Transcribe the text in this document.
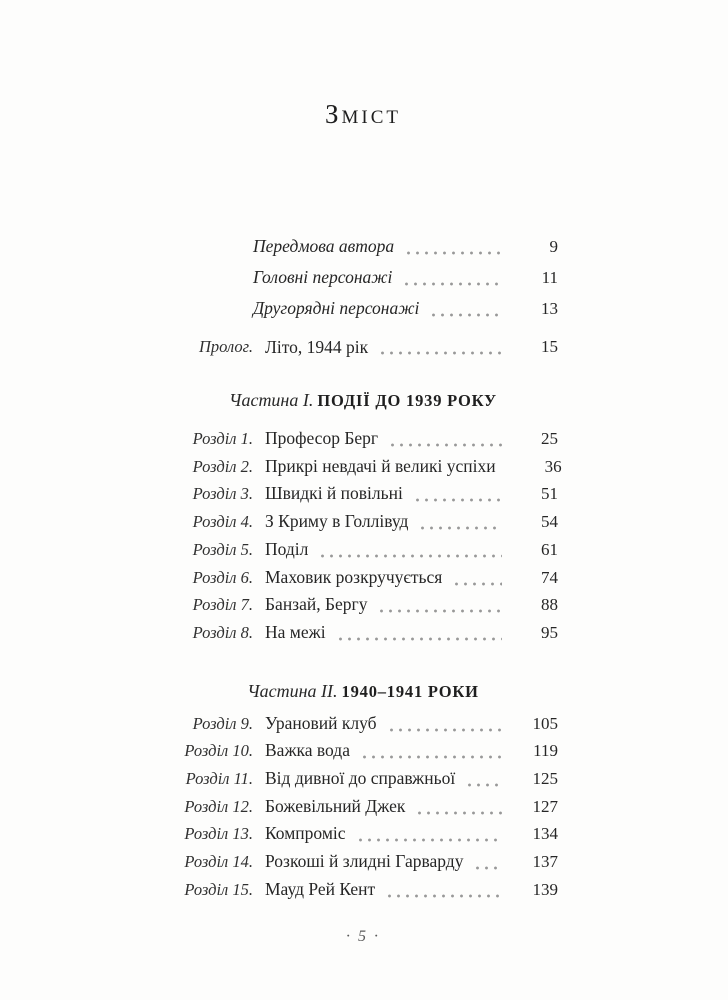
Зміст
Передмова автора	9
Головні персонажі	11
Другорядні персонажі	13
Пролог. Літо, 1944 рік	15
Частина I. ПОДІЇ ДО 1939 РОКУ
Розділ 1. Професор Берг	25
Розділ 2. Прикрі невдачі й великі успіхи	36
Розділ 3. Швидкі й повільні	51
Розділ 4. З Криму в Голлівуд	54
Розділ 5. Поділ	61
Розділ 6. Маховик розкручується	74
Розділ 7. Банзай, Бергу	88
Розділ 8. На межі	95
Частина II. 1940–1941 РОКИ
Розділ 9. Урановий клуб	105
Розділ 10. Важка вода	119
Розділ 11. Від дивної до справжньої	125
Розділ 12. Божевільний Джек	127
Розділ 13. Компроміс	134
Розділ 14. Розкоші й злидні Гарварду	137
Розділ 15. Мауд Рей Кент	139
· 5 ·
